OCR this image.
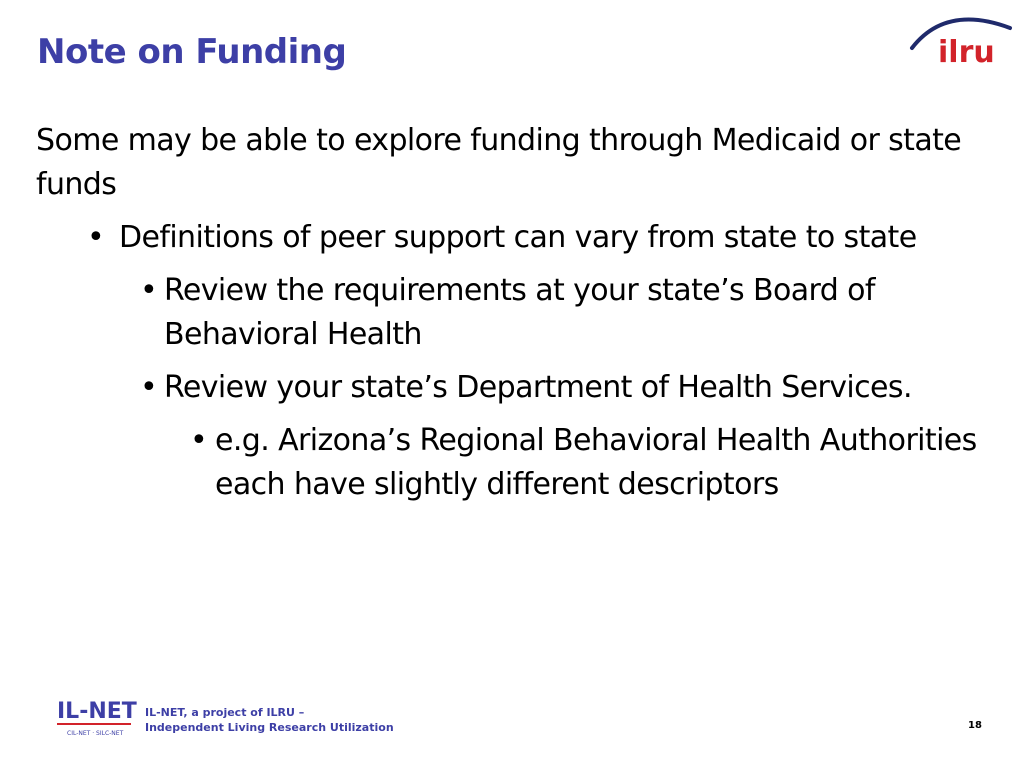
Note on Funding	ilru
Some may be able to explore funding through Medicaid or state funds
• Definitions of peer support can vary from state to state
• Review the requirements at your state’s Board of Behavioral Health
• Review your state’s Department of Health Services.
• e.g. Arizona’s Regional Behavioral Health Authorities each have slightly different descriptors
IL-NET
CIL-NET · SILC-NET
IL-NET, a project of ILRU –
Independent Living Research Utilization	18
